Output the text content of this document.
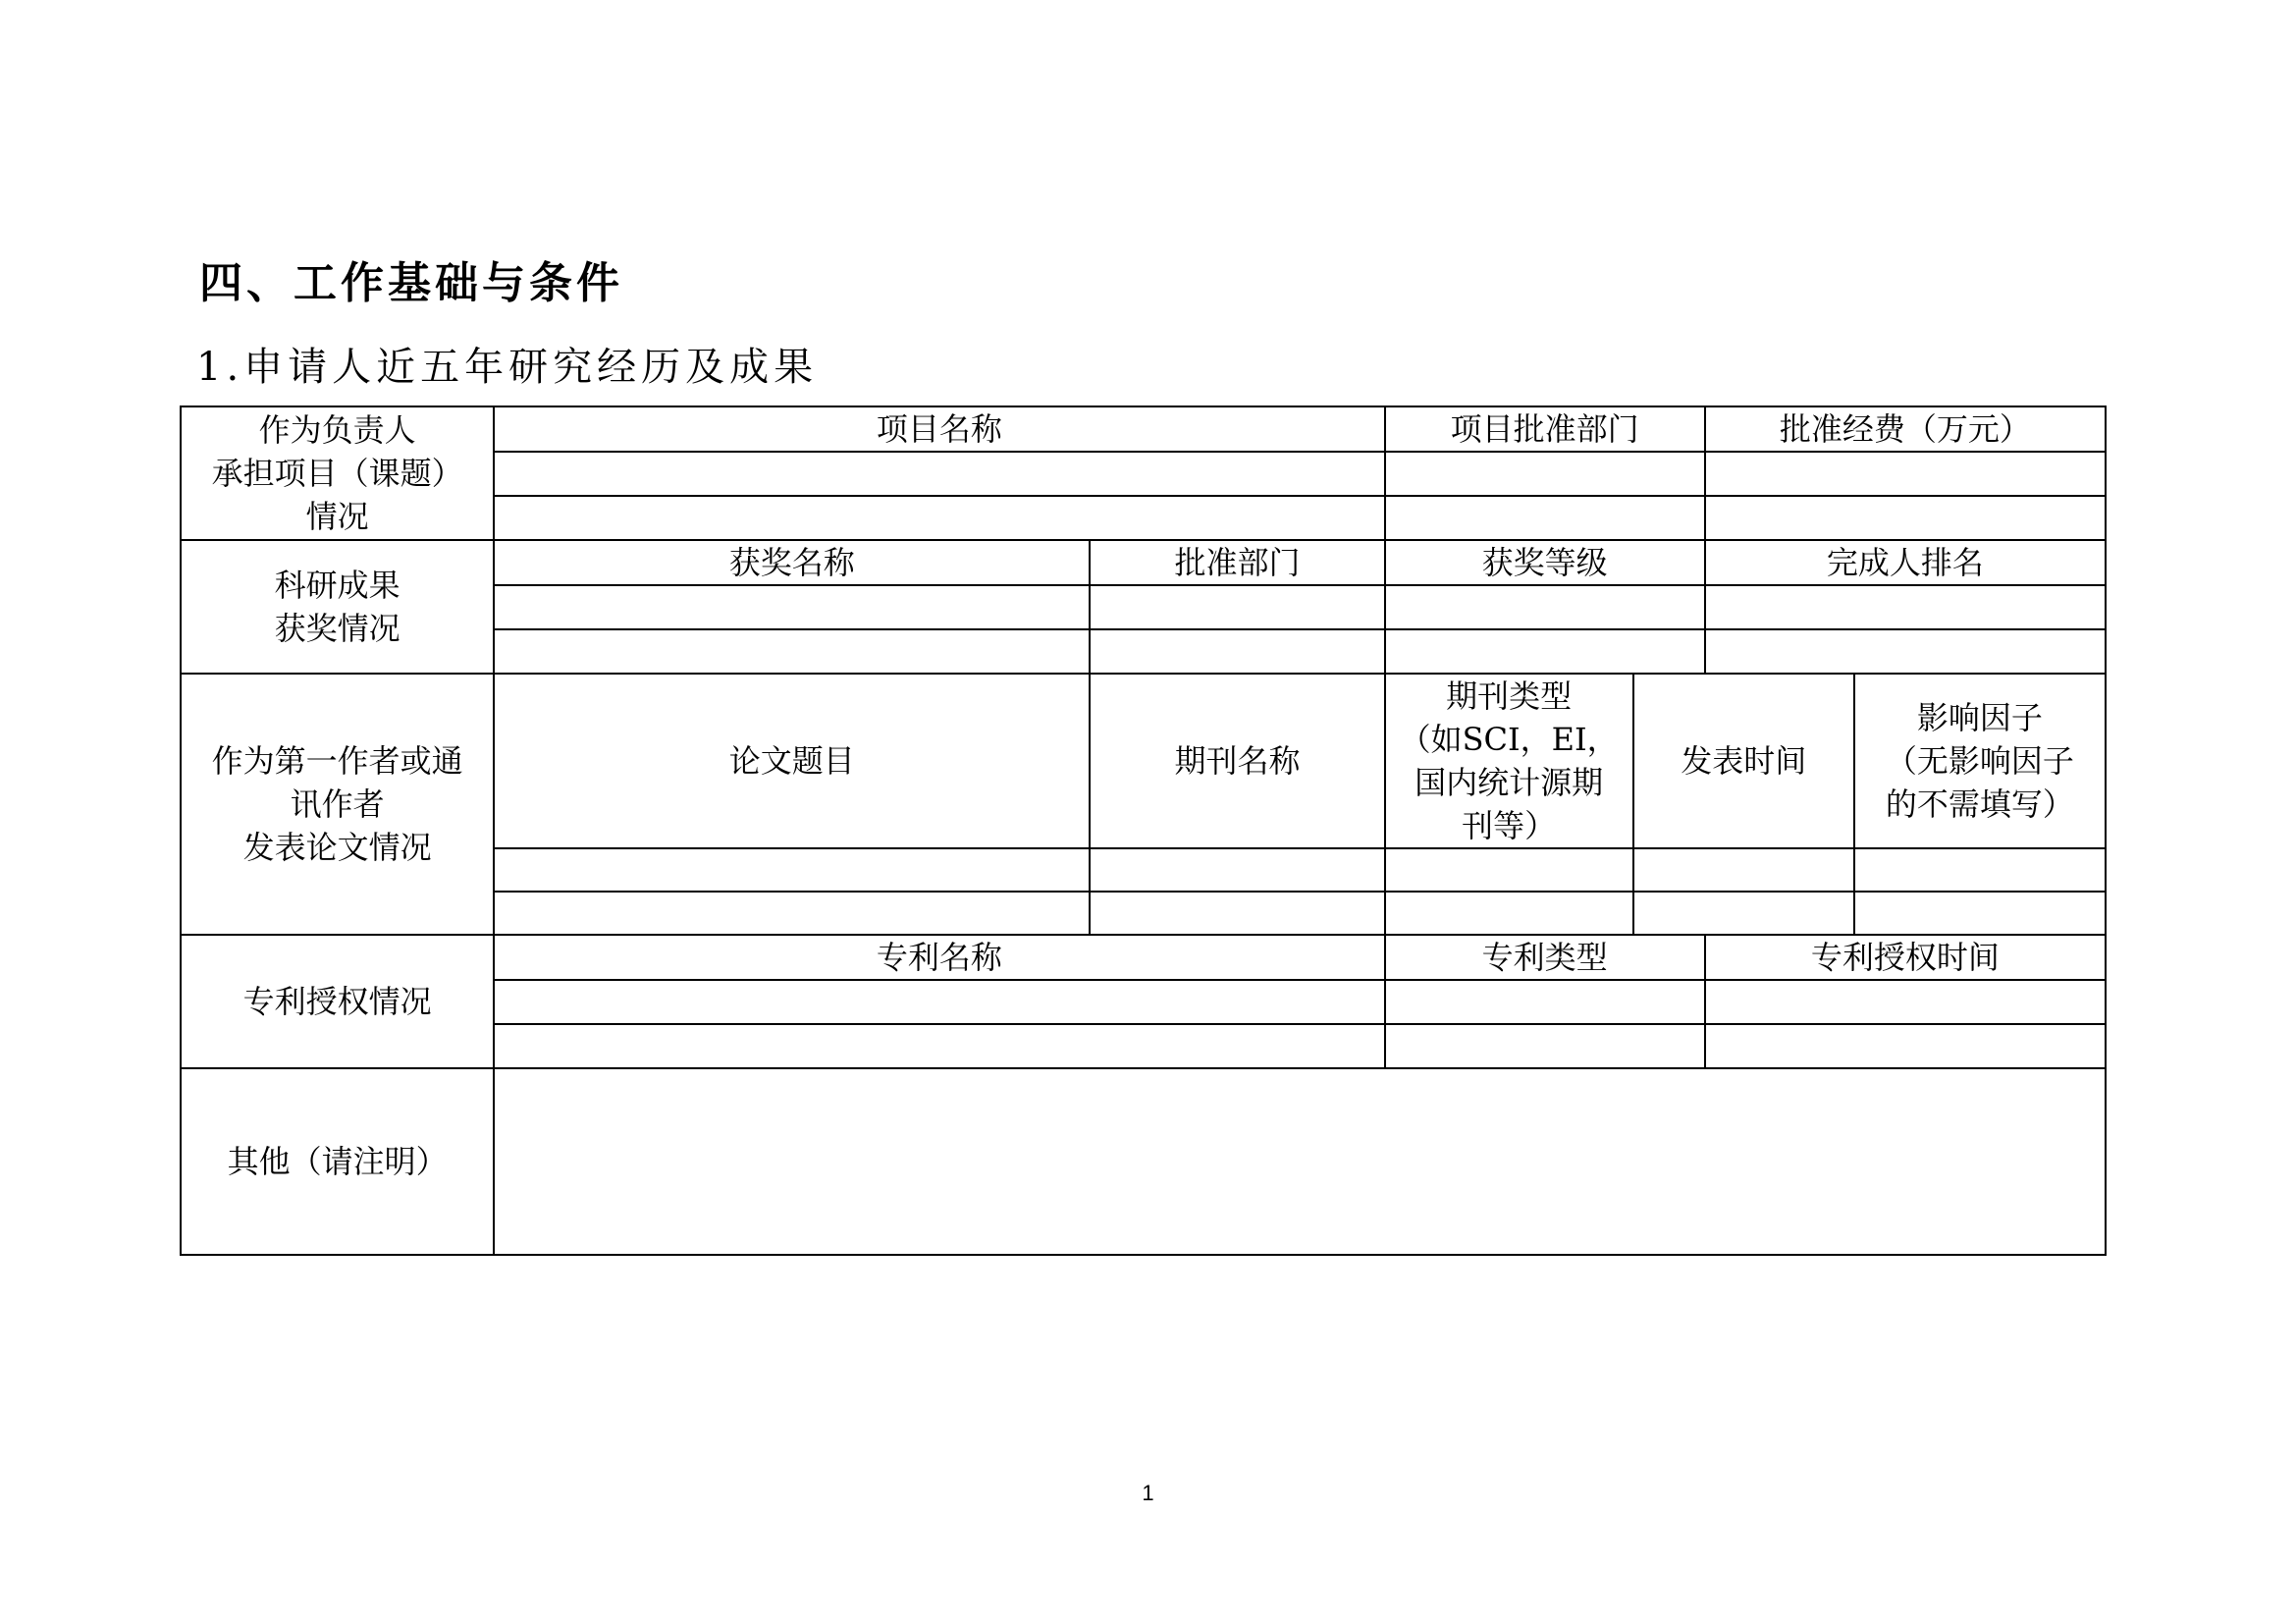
四、工作基础与条件
1.申请人近五年研究经历及成果
作为负责人
承担项目（课题）
情况	项目名称		项目批准部门		批准经费（万元）	

科研成果
获奖情况	获奖名称	批准部门	获奖等级		完成人排名	

作为第一作者或通
讯作者
发表论文情况	论文题目	期刊名称	期刊类型
（如SCI，EI，
国内统计源期
刊等）	发表时间		影响因子
（无影响因子
的不需填写）

专利授权情况	专利名称		专利类型		专利授权时间	

其他（请注明）						
1
